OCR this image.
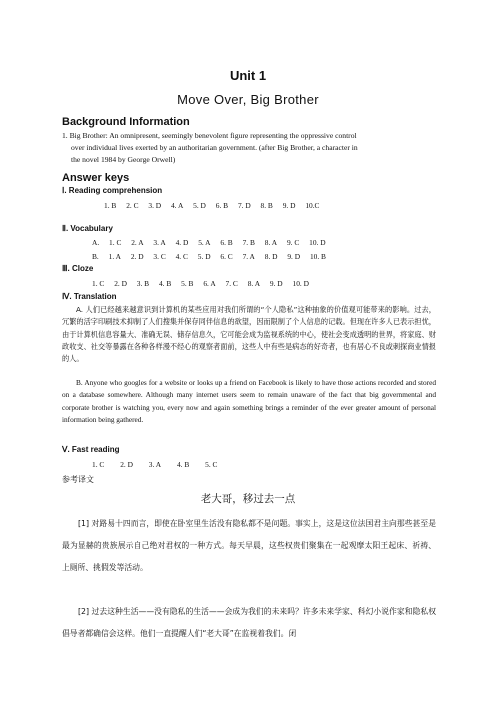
Unit 1
Move Over, Big Brother
Background Information
1. Big Brother: An omnipresent, seemingly benevolent figure representing the oppressive control
over individual lives exerted by an authoritarian government. (after Big Brother, a character in
the novel 1984 by George Orwell)
Answer keys
Ⅰ. Reading comprehension
1. B 2. C 3. D 4. A 5. D 6. B 7. D 8. B 9. D 10.C
Ⅱ. Vocabulary
A. 1. C 2. A 3. A 4. D 5. A 6. B 7. B 8. A 9. C 10. D
B. 1. A 2. D 3. C 4. C 5. D 6. C 7. A 8. D 9. D 10. B
Ⅲ. Cloze
1. C 2. D 3. B 4. B 5. B 6. A 7. C 8. A 9. D 10. D
Ⅳ. Translation
A. 人们已经越来越意识到计算机的某些应用对我们所谓的“个人隐私”这种抽象的价值观可能带来的影响。过去，冗繁的活字印刷技术抑制了人们搜集并保存同伴信息的欲望，因而限制了个人信息的记载。但现在许多人已表示担忧，由于计算机信息容量大、准确无误、储存信息久，它可能会成为监视系统的中心，使社会变成透明的世界，将家庭、财政收支、社交等暴露在各种各样漫不经心的观察者面前，这些人中有些是病态的好奇者，也有居心不良或刺探商业情报的人。
B. Anyone who googles for a website or looks up a friend on Facebook is likely to have those actions recorded and stored on a database somewhere. Although many internet users seem to remain unaware of the fact that big governmental and corporate brother is watching you, every now and again something brings a reminder of the ever greater amount of personal information being gathered.
Ⅴ. Fast reading
1. C 2. D 3. A 4. B 5. C
参考译文
老大哥，移过去一点
[1] 对路易十四而言，即使在卧室里生活没有隐私都不是问题。事实上，这是这位法国君主向那些甚至是最为显赫的贵族展示自己绝对君权的一种方式。每天早晨，这些权贵们聚集在一起观摩太阳王起床、祈祷、上厕所、挑假发等活动。
[2] 过去这种生活——没有隐私的生活——会成为我们的未来吗？许多未来学家、科幻小说作家和隐私权倡导者都确信会这样。他们一直提醒人们“老大哥”在监视着我们。闭
